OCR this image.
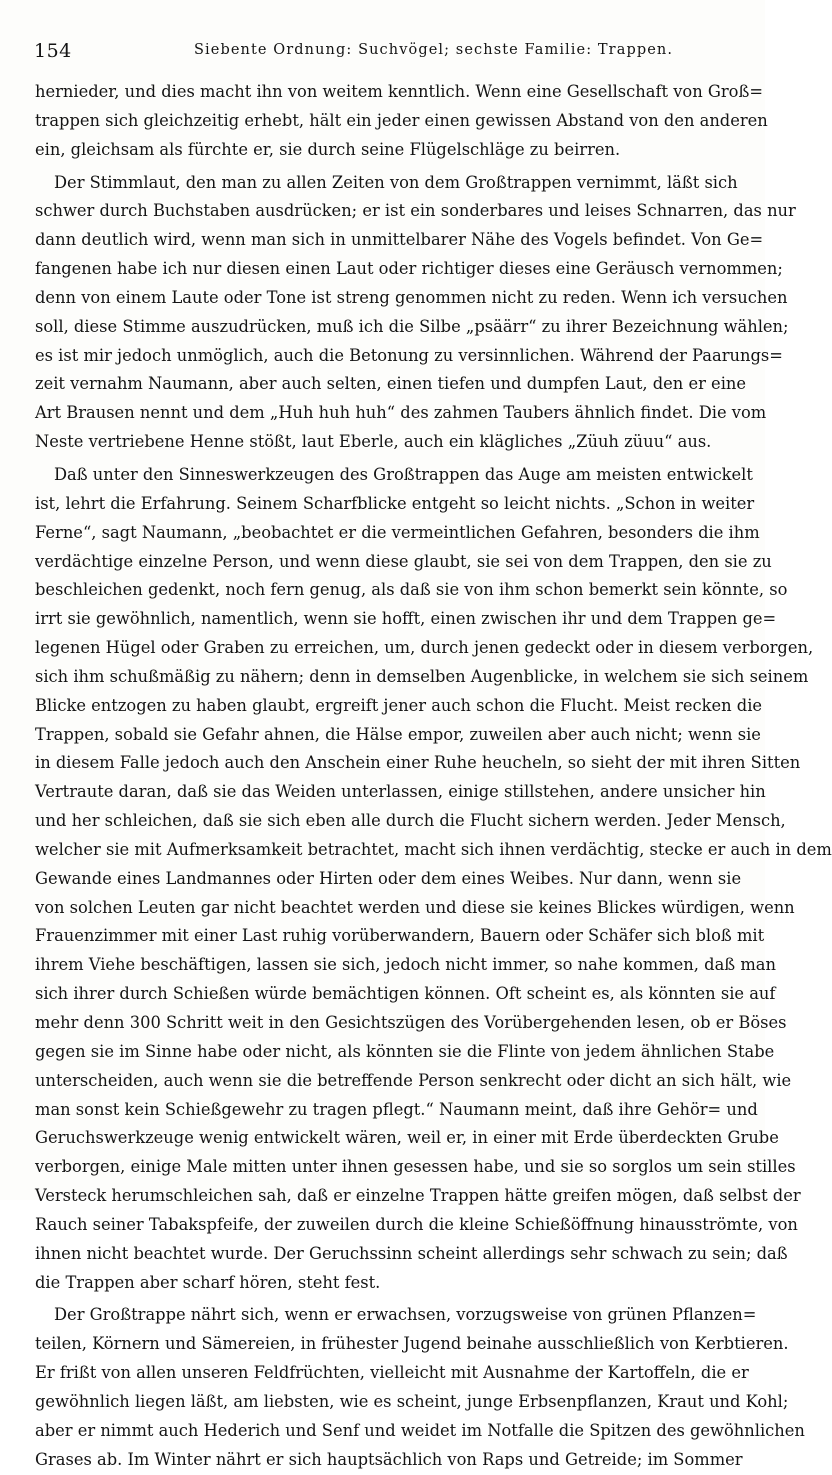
154	Siebente Ordnung: Suchvögel; sechste Familie: Trappen.
hernieder, und dies macht ihn von weitem kenntlich. Wenn eine Gesellschaft von Groß=
trappen sich gleichzeitig erhebt, hält ein jeder einen gewissen Abstand von den anderen
ein, gleichsam als fürchte er, sie durch seine Flügelschläge zu beirren.
Der Stimmlaut, den man zu allen Zeiten von dem Großtrappen vernimmt, läßt sich
schwer durch Buchstaben ausdrücken; er ist ein sonderbares und leises Schnarren, das nur
dann deutlich wird, wenn man sich in unmittelbarer Nähe des Vogels befindet. Von Ge=
fangenen habe ich nur diesen einen Laut oder richtiger dieses eine Geräusch vernommen;
denn von einem Laute oder Tone ist streng genommen nicht zu reden. Wenn ich versuchen
soll, diese Stimme auszudrücken, muß ich die Silbe „psäärr“ zu ihrer Bezeichnung wählen;
es ist mir jedoch unmöglich, auch die Betonung zu versinnlichen. Während der Paarungs=
zeit vernahm Naumann, aber auch selten, einen tiefen und dumpfen Laut, den er eine
Art Brausen nennt und dem „Huh huh huh“ des zahmen Taubers ähnlich findet. Die vom
Neste vertriebene Henne stößt, laut Eberle, auch ein klägliches „Züuh züuu“ aus.
Daß unter den Sinneswerkzeugen des Großtrappen das Auge am meisten entwickelt
ist, lehrt die Erfahrung. Seinem Scharfblicke entgeht so leicht nichts. „Schon in weiter
Ferne“, sagt Naumann, „beobachtet er die vermeintlichen Gefahren, besonders die ihm
verdächtige einzelne Person, und wenn diese glaubt, sie sei von dem Trappen, den sie zu
beschleichen gedenkt, noch fern genug, als daß sie von ihm schon bemerkt sein könnte, so
irrt sie gewöhnlich, namentlich, wenn sie hofft, einen zwischen ihr und dem Trappen ge=
legenen Hügel oder Graben zu erreichen, um, durch jenen gedeckt oder in diesem verborgen,
sich ihm schußmäßig zu nähern; denn in demselben Augenblicke, in welchem sie sich seinem
Blicke entzogen zu haben glaubt, ergreift jener auch schon die Flucht. Meist recken die
Trappen, sobald sie Gefahr ahnen, die Hälse empor, zuweilen aber auch nicht; wenn sie
in diesem Falle jedoch auch den Anschein einer Ruhe heucheln, so sieht der mit ihren Sitten
Vertraute daran, daß sie das Weiden unterlassen, einige stillstehen, andere unsicher hin
und her schleichen, daß sie sich eben alle durch die Flucht sichern werden. Jeder Mensch,
welcher sie mit Aufmerksamkeit betrachtet, macht sich ihnen verdächtig, stecke er auch in dem
Gewande eines Landmannes oder Hirten oder dem eines Weibes. Nur dann, wenn sie
von solchen Leuten gar nicht beachtet werden und diese sie keines Blickes würdigen, wenn
Frauenzimmer mit einer Last ruhig vorüberwandern, Bauern oder Schäfer sich bloß mit
ihrem Viehe beschäftigen, lassen sie sich, jedoch nicht immer, so nahe kommen, daß man
sich ihrer durch Schießen würde bemächtigen können. Oft scheint es, als könnten sie auf
mehr denn 300 Schritt weit in den Gesichtszügen des Vorübergehenden lesen, ob er Böses
gegen sie im Sinne habe oder nicht, als könnten sie die Flinte von jedem ähnlichen Stabe
unterscheiden, auch wenn sie die betreffende Person senkrecht oder dicht an sich hält, wie
man sonst kein Schießgewehr zu tragen pflegt.“ Naumann meint, daß ihre Gehör= und
Geruchswerkzeuge wenig entwickelt wären, weil er, in einer mit Erde überdeckten Grube
verborgen, einige Male mitten unter ihnen gesessen habe, und sie so sorglos um sein stilles
Versteck herumschleichen sah, daß er einzelne Trappen hätte greifen mögen, daß selbst der
Rauch seiner Tabakspfeife, der zuweilen durch die kleine Schießöffnung hinausströmte, von
ihnen nicht beachtet wurde. Der Geruchssinn scheint allerdings sehr schwach zu sein; daß
die Trappen aber scharf hören, steht fest.
Der Großtrappe nährt sich, wenn er erwachsen, vorzugsweise von grünen Pflanzen=
teilen, Körnern und Sämereien, in frühester Jugend beinahe ausschließlich von Kerbtieren.
Er frißt von allen unseren Feldfrüchten, vielleicht mit Ausnahme der Kartoffeln, die er
gewöhnlich liegen läßt, am liebsten, wie es scheint, junge Erbsenpflanzen, Kraut und Kohl;
aber er nimmt auch Hederich und Senf und weidet im Notfalle die Spitzen des gewöhnlichen
Grases ab. Im Winter nährt er sich hauptsächlich von Raps und Getreide; im Sommer
